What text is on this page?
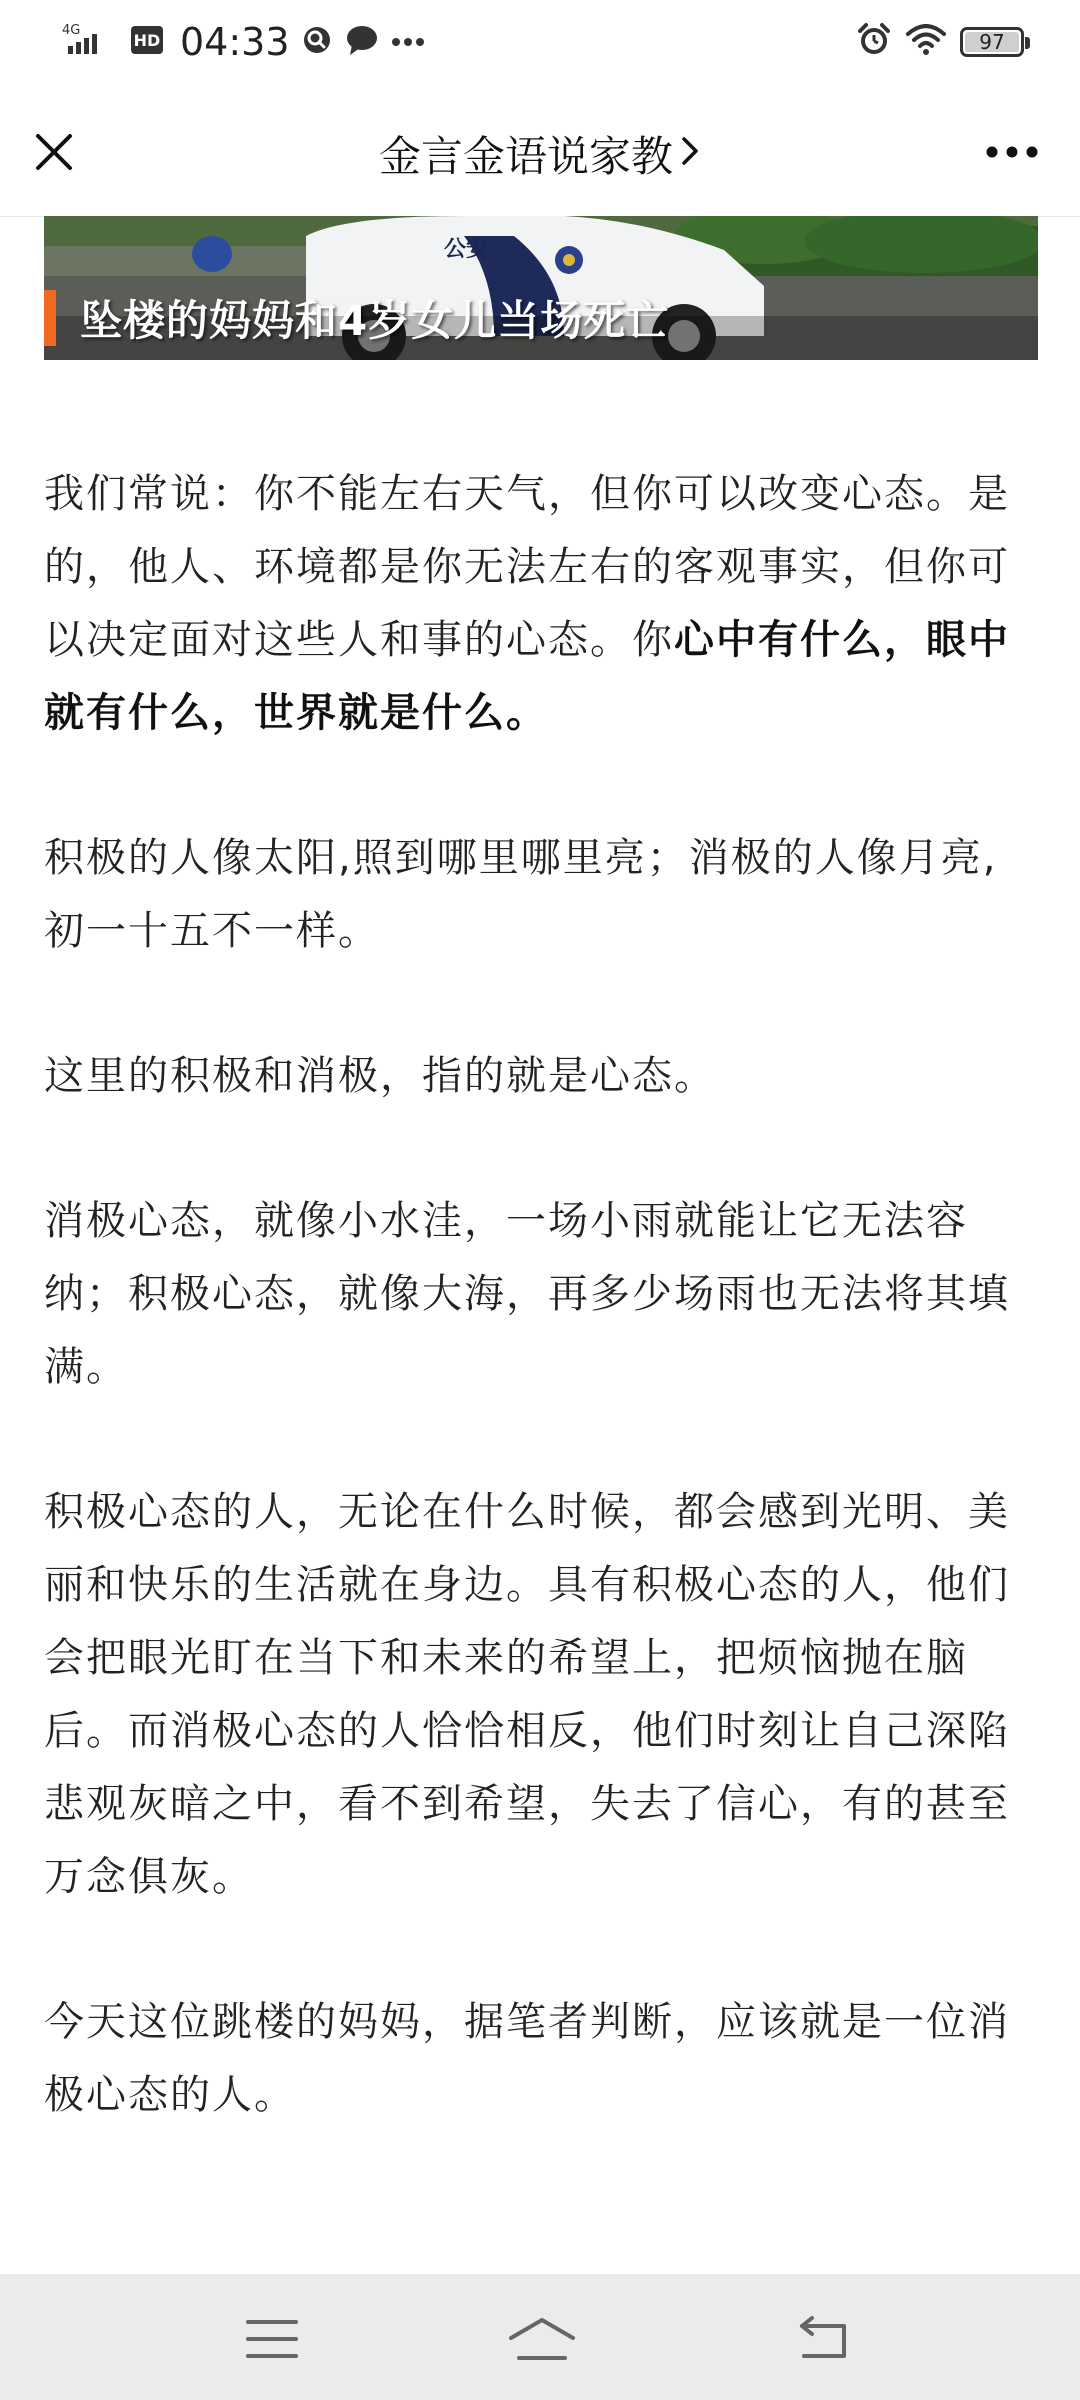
4G
HD 04:33	97
金言金语说家教
公安
坠楼的妈妈和4岁女儿当场死亡

我们常说：你不能左右天气，但你可以改变心态。是的，他人、环境都是你无法左右的客观事实，但你可以决定面对这些人和事的心态。你心中有什么，眼中就有什么，世界就是什么。

积极的人像太阳,照到哪里哪里亮；消极的人像月亮,初一十五不一样。

这里的积极和消极，指的就是心态。

消极心态，就像小水洼，一场小雨就能让它无法容纳；积极心态，就像大海，再多少场雨也无法将其填满。

积极心态的人，无论在什么时候，都会感到光明、美丽和快乐的生活就在身边。具有积极心态的人，他们会把眼光盯在当下和未来的希望上，把烦恼抛在脑后。而消极心态的人恰恰相反，他们时刻让自己深陷悲观灰暗之中，看不到希望，失去了信心，有的甚至万念俱灰。

今天这位跳楼的妈妈，据笔者判断，应该就是一位消极心态的人。
